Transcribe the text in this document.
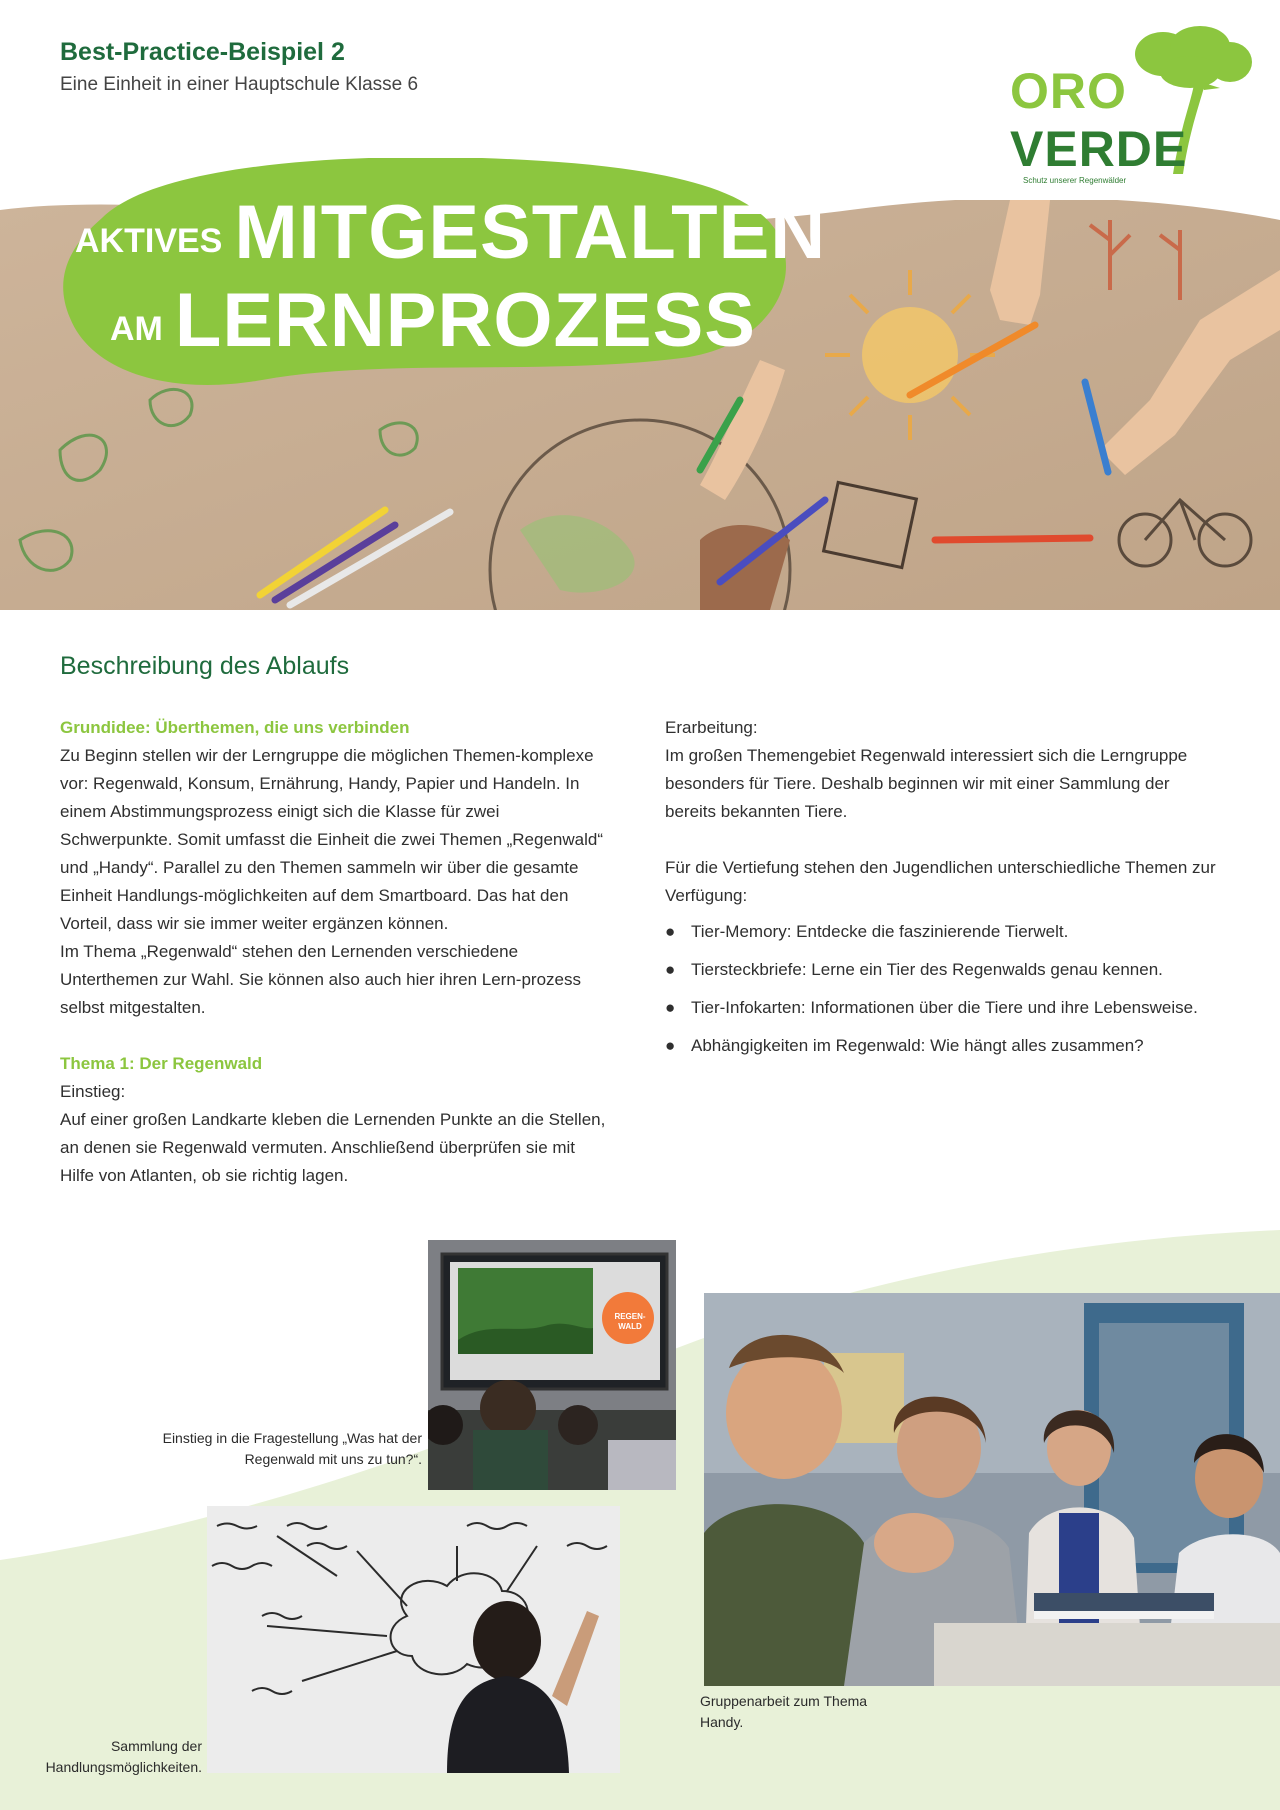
Best-Practice-Beispiel 2
Eine Einheit in einer Hauptschule Klasse 6	ORO
VERDE
Schutz unserer Regenwälder
AKTIVES MITGESTALTEN
AM LERNPROZESS
Beschreibung des Ablaufs

Grundidee: Überthemen, die uns verbinden

Zu Beginn stellen wir der Lerngruppe die möglichen Themen-komplexe vor: Regenwald, Konsum, Ernährung, Handy, Papier und Handeln. In einem Abstimmungsprozess einigt sich die Klasse für zwei Schwerpunkte. Somit umfasst die Einheit die zwei Themen „Regenwald“ und „Handy“. Parallel zu den Themen sammeln wir über die gesamte Einheit Handlungs-möglichkeiten auf dem Smartboard. Das hat den Vorteil, dass wir sie immer weiter ergänzen können.

Im Thema „Regenwald“ stehen den Lernenden verschiedene Unterthemen zur Wahl. Sie können also auch hier ihren Lern-prozess selbst mitgestalten.

Thema 1: Der Regenwald

Einstieg:

Auf einer großen Landkarte kleben die Lernenden Punkte an die Stellen, an denen sie Regenwald vermuten. Anschließend überprüfen sie mit Hilfe von Atlanten, ob sie richtig lagen.

Erarbeitung:

Im großen Themengebiet Regenwald interessiert sich die Lerngruppe besonders für Tiere. Deshalb beginnen wir mit einer Sammlung der bereits bekannten Tiere.

Für die Vertiefung stehen den Jugendlichen unterschiedliche Themen zur Verfügung:

● Tier-Memory: Entdecke die faszinierende Tierwelt.
● Tiersteckbriefe: Lerne ein Tier des Regenwalds genau kennen.
● Tier-Infokarten: Informationen über die Tiere und ihre Lebensweise.
● Abhängigkeiten im Regenwald: Wie hängt alles zusammen?
REGEN-WALD
Einstieg in die Fragestellung „Was hat der Regenwald mit uns zu tun?“.
Sammlung der Handlungsmöglichkeiten.
Gruppenarbeit zum Thema Handy.
